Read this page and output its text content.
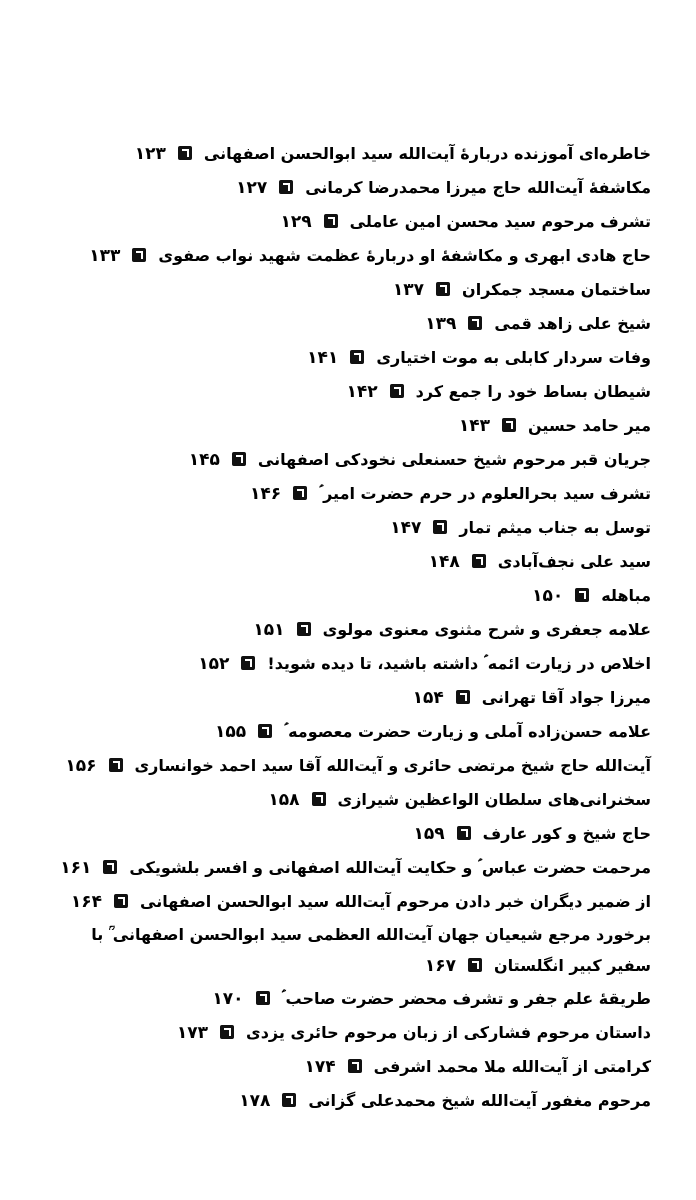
خاطره‌ای آموزنده دربارهٔ آیت‌الله سید ابوالحسن اصفهانی۱۲۳
مکاشفهٔ آیت‌الله حاج میرزا محمدرضا کرمانی۱۲۷
تشرف مرحوم سید محسن امین عاملی۱۲۹
حاج هادی ابهری و مکاشفهٔ او دربارهٔ عظمت شهید نواب صفوی۱۳۳
ساختمان مسجد جمکران۱۳۷
شیخ علی زاهد قمی۱۳۹
وفات سردار کابلی به موت اختیاری۱۴۱
شیطان بساط خود را جمع کرد۱۴۲
میر حامد حسین۱۴۳
جریان قبر مرحوم شیخ حسنعلی نخودکی اصفهانی۱۴۵
تشرف سید بحرالعلوم در حرم حضرت امیر ؑ۱۴۶
توسل به جناب میثم تمار۱۴۷
سید علی نجف‌آبادی۱۴۸
مباهله۱۵۰
علامه جعفری و شرح مثنوی معنوی مولوی۱۵۱
اخلاص در زیارت ائمه ؑ داشته باشید، تا دیده شوید!۱۵۲
میرزا جواد آقا تهرانی۱۵۴
علامه حسن‌زاده آملی و زیارت حضرت معصومه ؑ۱۵۵
آیت‌الله حاج شیخ مرتضی حائری و آیت‌الله آقا سید احمد خوانساری۱۵۶
سخنرانی‌های سلطان الواعظین شیرازی۱۵۸
حاج شیخ و کور عارف۱۵۹
مرحمت حضرت عباس ؑ و حکایت آیت‌الله اصفهانی و افسر بلشویکی۱۶۱
از ضمیر دیگران خبر دادن مرحوم آیت‌الله سید ابوالحسن اصفهانی۱۶۴
برخورد مرجع شیعیان جهان آیت‌الله العظمی سید ابوالحسن اصفهانی ؒ با سفیر کبیر انگلستان۱۶۷
طریقهٔ علم جفر و تشرف محضر حضرت صاحب ؑ۱۷۰
داستان مرحوم فشارکی از زبان مرحوم حائری یزدی۱۷۳
کرامتی از آیت‌الله ملا محمد اشرفی۱۷۴
مرحوم مغفور آیت‌الله شیخ محمدعلی گزانی۱۷۸
